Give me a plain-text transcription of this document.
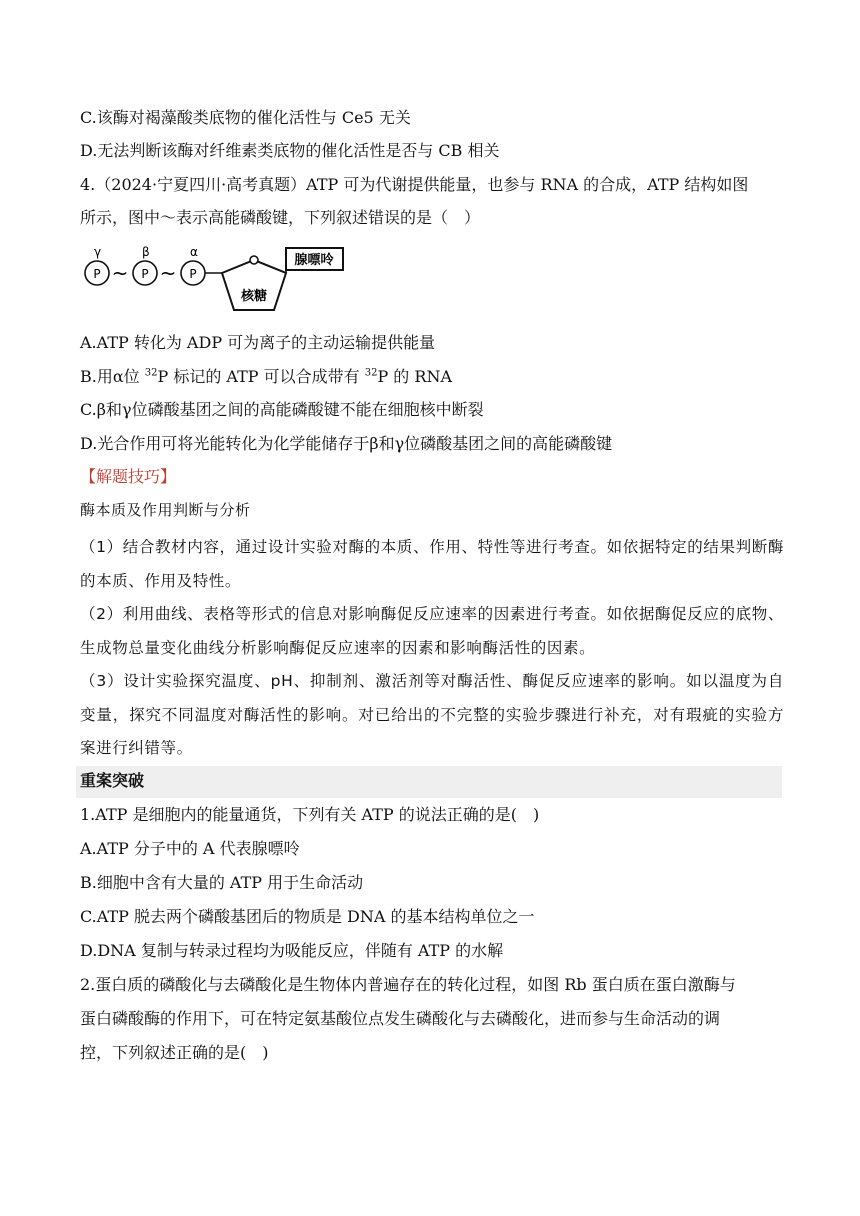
C.该酶对褐藻酸类底物的催化活性与 Ce5 无关
D.无法判断该酶对纤维素类底物的催化活性是否与 CB 相关
4.（2024·宁夏四川·高考真题）ATP 可为代谢提供能量，也参与 RNA 的合成，ATP 结构如图
所示，图中～表示高能磷酸键，下列叙述错误的是（　）
γ	β	α
P ~ P ~ P
核糖
腺嘌呤
A.ATP 转化为 ADP 可为离子的主动运输提供能量
B.用α位 $^{32}$P 标记的 ATP 可以合成带有 $^{32}$P 的 RNA
C.β和γ位磷酸基团之间的高能磷酸键不能在细胞核中断裂
D.光合作用可将光能转化为化学能储存于β和γ位磷酸基团之间的高能磷酸键
【解题技巧】
酶本质及作用判断与分析
（1）结合教材内容，通过设计实验对酶的本质、作用、特性等进行考查。如依据特定的结果判断酶的本质、作用及特性。
（2）利用曲线、表格等形式的信息对影响酶促反应速率的因素进行考查。如依据酶促反应的底物、生成物总量变化曲线分析影响酶促反应速率的因素和影响酶活性的因素。
（3）设计实验探究温度、pH、抑制剂、激活剂等对酶活性、酶促反应速率的影响。如以温度为自变量，探究不同温度对酶活性的影响。对已给出的不完整的实验步骤进行补充，对有瑕疵的实验方案进行纠错等。
重案突破
1.ATP 是细胞内的能量通货，下列有关 ATP 的说法正确的是(　)
A.ATP 分子中的 A 代表腺嘌呤
B.细胞中含有大量的 ATP 用于生命活动
C.ATP 脱去两个磷酸基团后的物质是 DNA 的基本结构单位之一
D.DNA 复制与转录过程均为吸能反应，伴随有 ATP 的水解
2.蛋白质的磷酸化与去磷酸化是生物体内普遍存在的转化过程，如图 Rb 蛋白质在蛋白激酶与
蛋白磷酸酶的作用下，可在特定氨基酸位点发生磷酸化与去磷酸化，进而参与生命活动的调
控，下列叙述正确的是(　)
